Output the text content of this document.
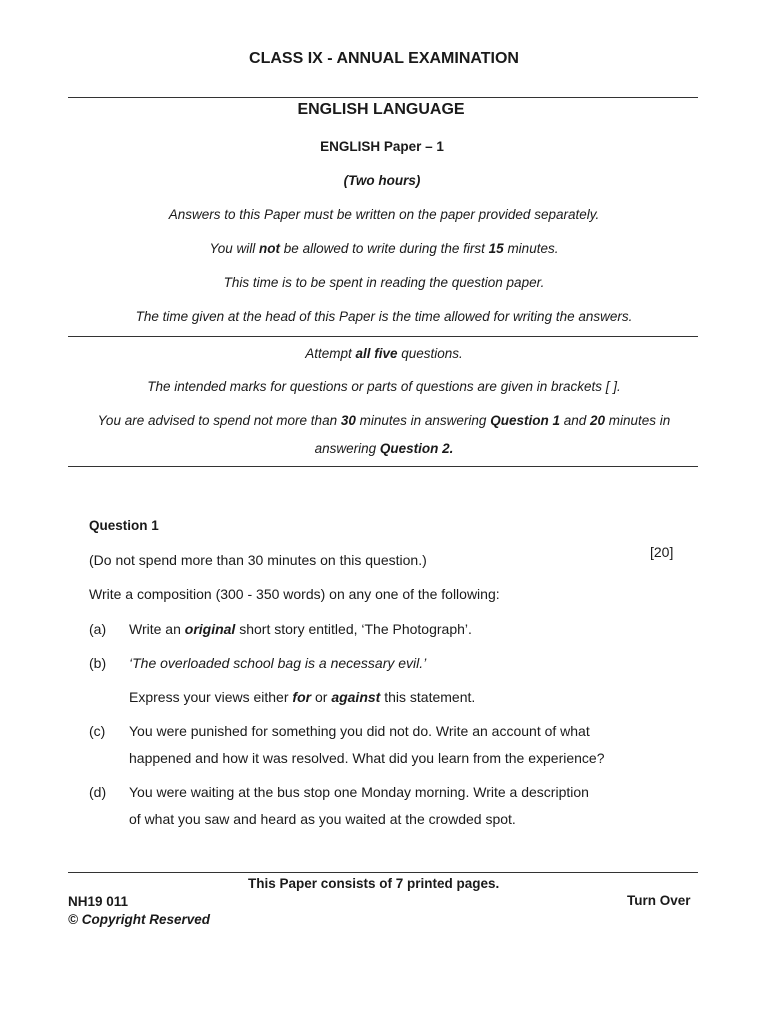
CLASS IX - ANNUAL EXAMINATION
ENGLISH LANGUAGE
ENGLISH Paper – 1
(Two hours)
Answers to this Paper must be written on the paper provided separately.
You will not be allowed to write during the first 15 minutes.
This time is to be spent in reading the question paper.
The time given at the head of this Paper is the time allowed for writing the answers.
Attempt all five questions.
The intended marks for questions or parts of questions are given in brackets [ ].
You are advised to spend not more than 30 minutes in answering Question 1 and 20 minutes in
answering Question 2.
Question 1
[20]
(Do not spend more than 30 minutes on this question.)
Write a composition (300 - 350 words) on any one of the following:
(a) Write an original short story entitled, ‘The Photograph’.
(b) ‘The overloaded school bag is a necessary evil.’
Express your views either for or against this statement.
(c) You were punished for something you did not do. Write an account of what
happened and how it was resolved. What did you learn from the experience?
(d) You were waiting at the bus stop one Monday morning. Write a description
of what you saw and heard as you waited at the crowded spot.
This Paper consists of 7 printed pages.
NH19 011	Turn Over
© Copyright Reserved
